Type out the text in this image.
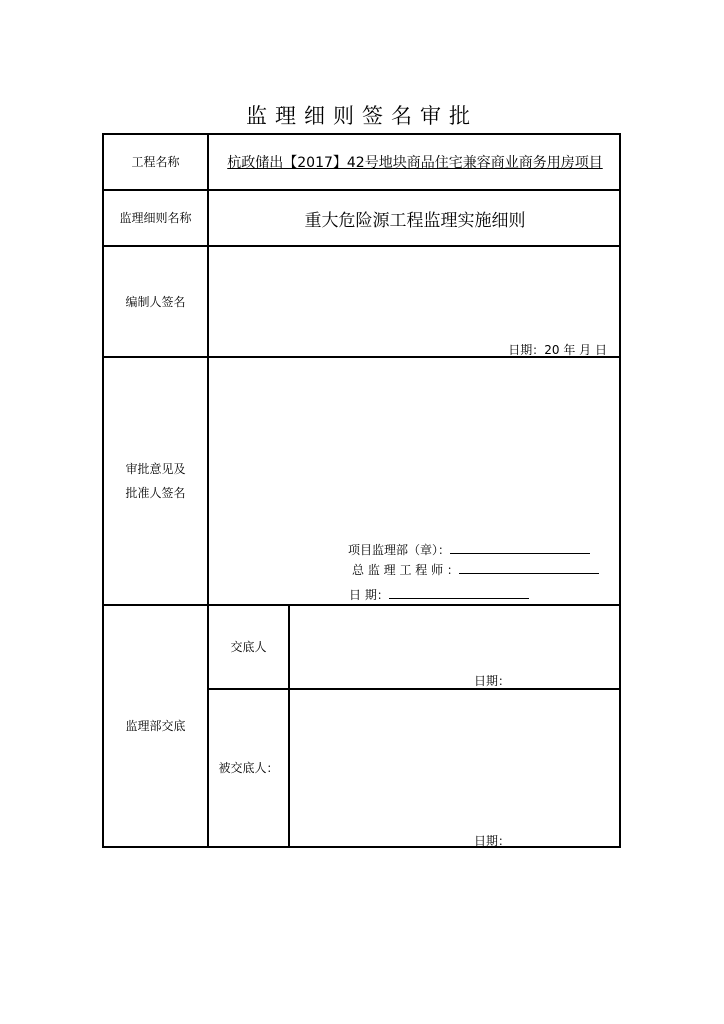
监理细则签名审批
工程名称	杭政储出【2017】42号地块商品住宅兼容商业商务用房项目
监理细则名称	重大危险源工程监理实施细则
编制人签名
日期：20 年 月 日
审批意见及
批准人签名
项目监理部（章）：
总 监 理 工 程 师 ：
日 期：
监理部交底
交底人
日期：
被交底人：
日期：
